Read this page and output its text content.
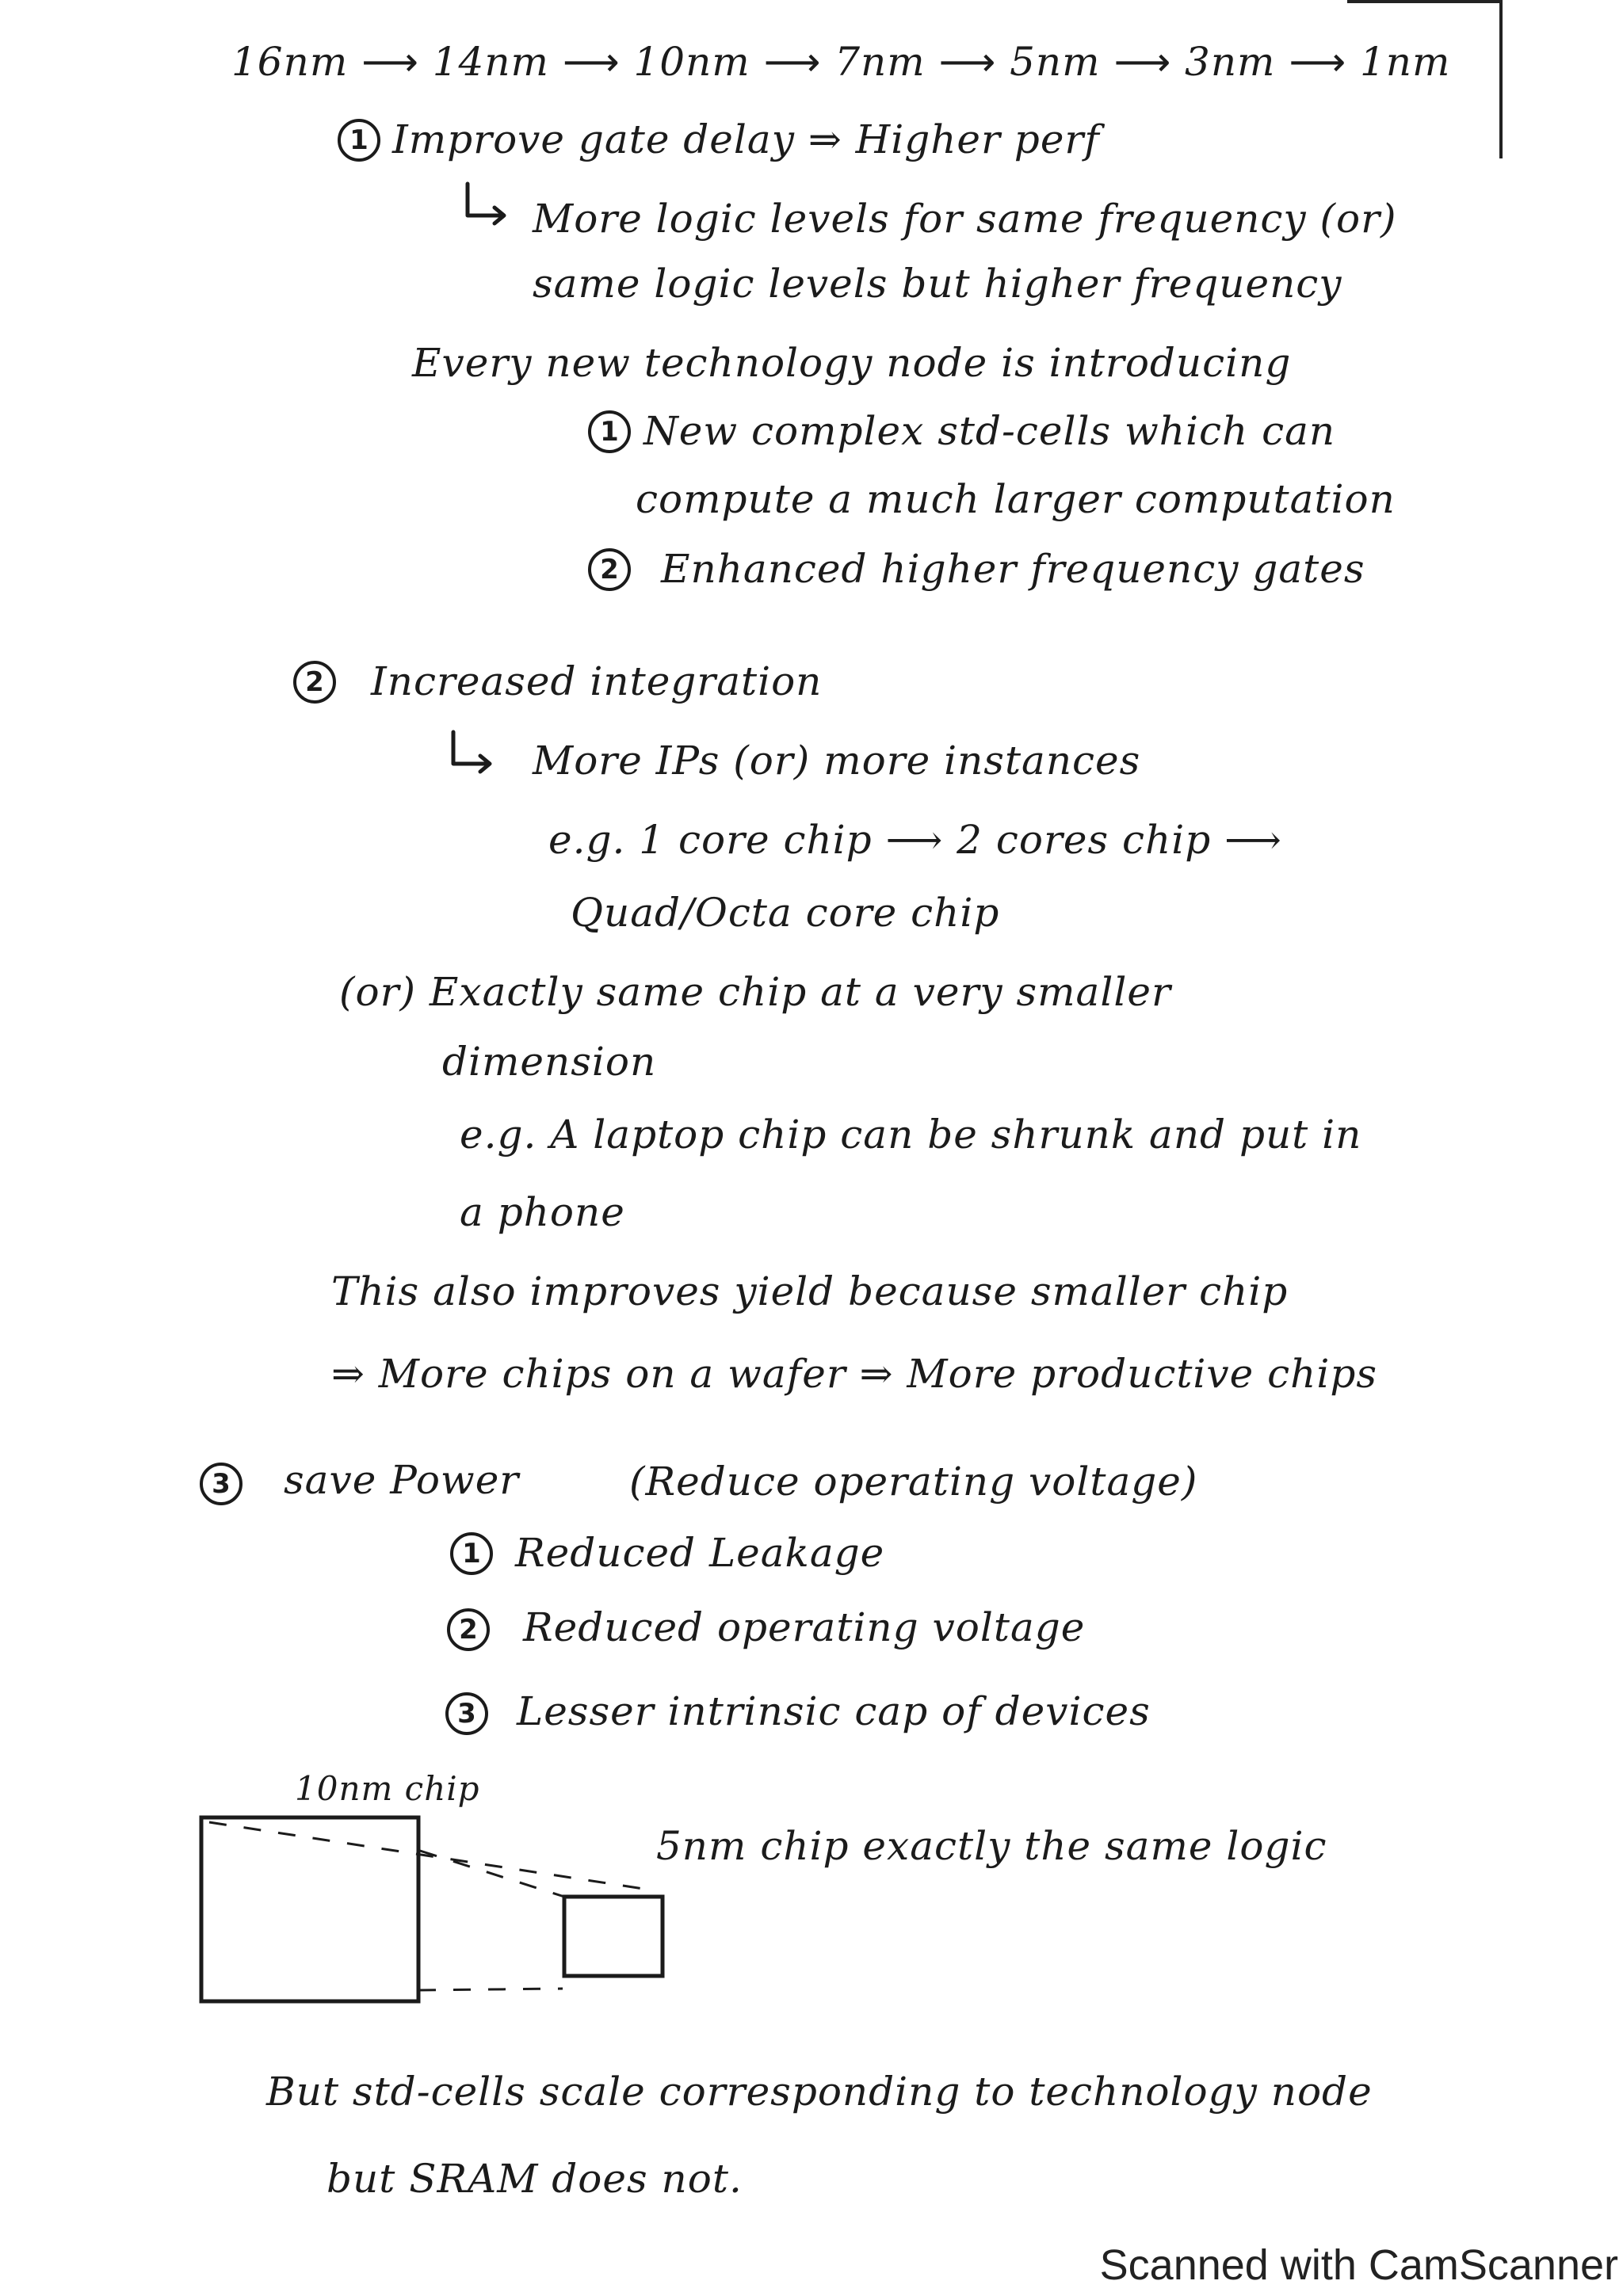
16nm ⟶ 14nm ⟶ 10nm ⟶ 7nm ⟶ 5nm ⟶ 3nm ⟶ 1nm
1 Improve gate delay ⇒ Higher perf
More logic levels for same frequency (or)
same logic levels but higher frequency
Every new technology node is introducing
1 New complex std-cells which can
compute a much larger computation
2	Enhanced higher frequency gates
2	Increased integration
More IPs (or) more instances
e.g. 1 core chip ⟶ 2 cores chip ⟶
Quad/Octa core chip
(or) Exactly same chip at a very smaller
dimension
e.g. A laptop chip can be shrunk and put in
a phone
This also improves yield because smaller chip
⇒ More chips on a wafer ⇒ More productive chips
3	save Power	(Reduce operating voltage)
1 Reduced Leakage
2	Reduced operating voltage
3	Lesser intrinsic cap of devices
10nm chip
5nm chip exactly the same logic
But std-cells scale corresponding to technology node
but SRAM does not.
Scanned with CamScanner
